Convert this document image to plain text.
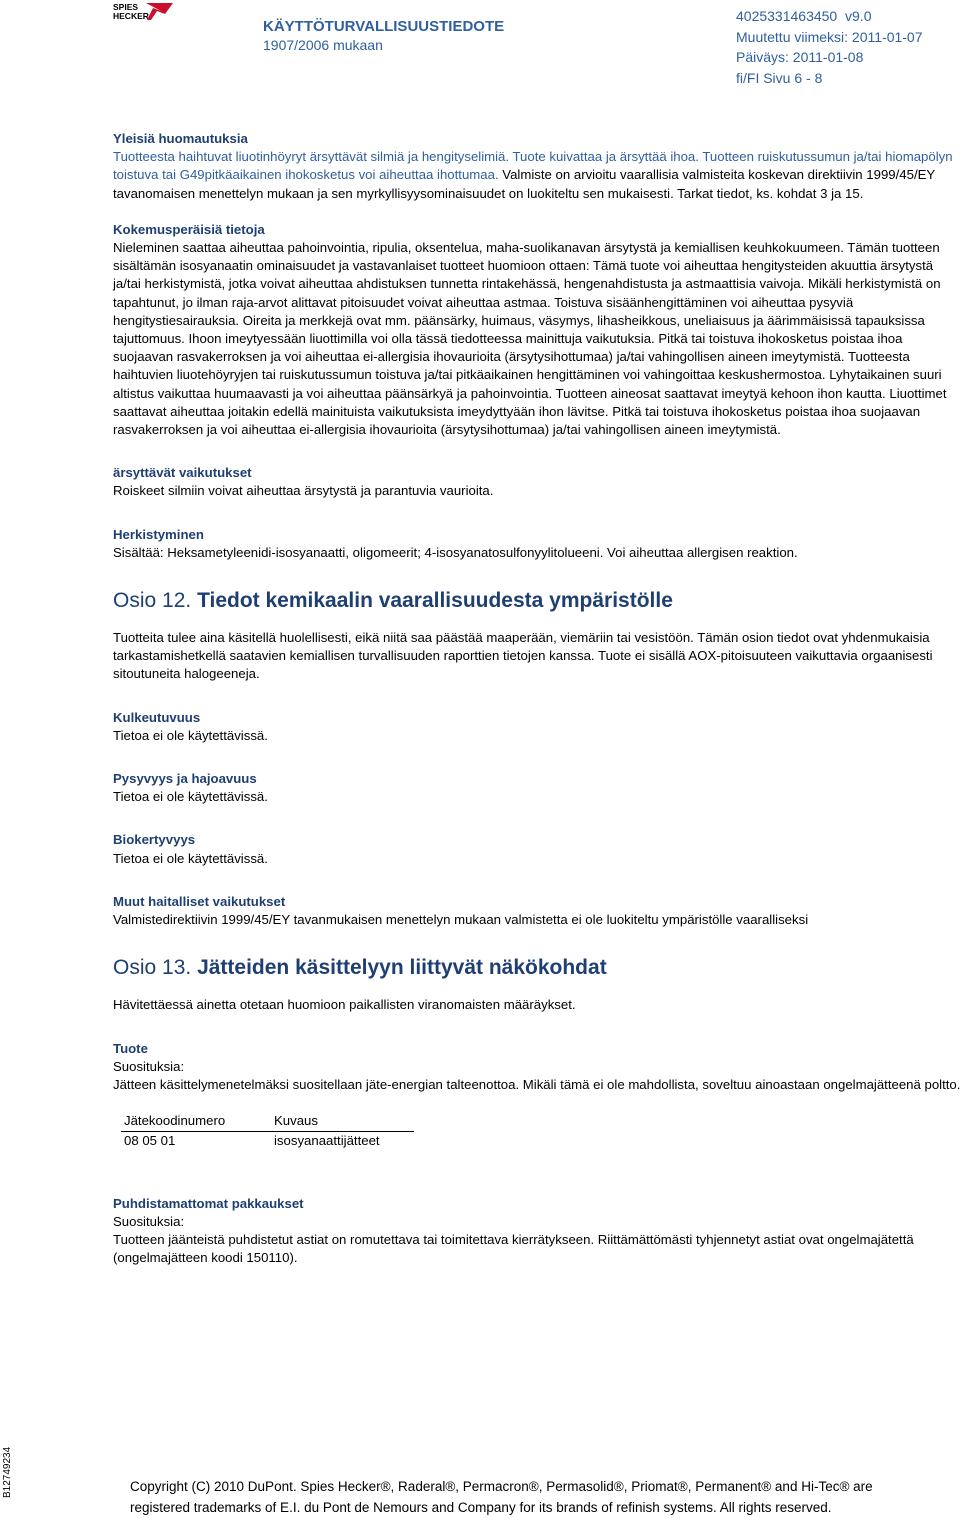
SPIES
HECKER
KÄYTTÖTURVALLISUUSTIEDOTE
1907/2006 mukaan
4025331463450 v9.0
Muutettu viimeksi: 2011-01-07
Päiväys: 2011-01-08
fi/FI Sivu 6 - 8

Yleisiä huomautuksia

Tuotteesta haihtuvat liuotinhöyryt ärsyttävät silmiä ja hengityselimiä. Tuote kuivattaa ja ärsyttää ihoa. Tuotteen ruiskutussumun ja/tai hiomapölyn toistuva tai G49pitkäaikainen ihokosketus voi aiheuttaa ihottumaa. Valmiste on arvioitu vaarallisia valmisteita koskevan direktiivin 1999/45/EY tavanomaisen menettelyn mukaan ja sen myrkyllisyysominaisuudet on luokiteltu sen mukaisesti. Tarkat tiedot, ks. kohdat 3 ja 15.

Kokemusperäisiä tietoja

Nieleminen saattaa aiheuttaa pahoinvointia, ripulia, oksentelua, maha-suolikanavan ärsytystä ja kemiallisen keuhkokuumeen. Tämän tuotteen sisältämän isosyanaatin ominaisuudet ja vastavanlaiset tuotteet huomioon ottaen: Tämä tuote voi aiheuttaa hengitysteiden akuuttia ärsytystä ja/tai herkistymistä, jotka voivat aiheuttaa ahdistuksen tunnetta rintakehässä, hengenahdistusta ja astmaattisia vaivoja. Mikäli herkistymistä on tapahtunut, jo ilman raja-arvot alittavat pitoisuudet voivat aiheuttaa astmaa. Toistuva sisäänhengittäminen voi aiheuttaa pysyviä hengitystiesairauksia. Oireita ja merkkejä ovat mm. päänsärky, huimaus, väsymys, lihasheikkous, uneliaisuus ja äärimmäisissä tapauksissa tajuttomuus. Ihoon imeytyessään liuottimilla voi olla tässä tiedotteessa mainittuja vaikutuksia. Pitkä tai toistuva ihokosketus poistaa ihoa suojaavan rasvakerroksen ja voi aiheuttaa ei-allergisia ihovaurioita (ärsytysihottumaa) ja/tai vahingollisen aineen imeytymistä. Tuotteesta haihtuvien liuotehöyryjen tai ruiskutussumun toistuva ja/tai pitkäaikainen hengittäminen voi vahingoittaa keskushermostoa. Lyhytaikainen suuri altistus vaikuttaa huumaavasti ja voi aiheuttaa päänsärkyä ja pahoinvointia. Tuotteen aineosat saattavat imeytyä kehoon ihon kautta. Liuottimet saattavat aiheuttaa joitakin edellä mainituista vaikutuksista imeydyttyään ihon lävitse. Pitkä tai toistuva ihokosketus poistaa ihoa suojaavan rasvakerroksen ja voi aiheuttaa ei-allergisia ihovaurioita (ärsytysihottumaa) ja/tai vahingollisen aineen imeytymistä.

ärsyttävät vaikutukset

Roiskeet silmiin voivat aiheuttaa ärsytystä ja parantuvia vaurioita.

Herkistyminen

Sisältää: Heksametyleenidi-isosyanaatti, oligomeerit; 4-isosyanatosulfonyylitolueeni. Voi aiheuttaa allergisen reaktion.

Osio 12. Tiedot kemikaalin vaarallisuudesta ympäristölle

Tuotteita tulee aina käsitellä huolellisesti, eikä niitä saa päästää maaperään, viemäriin tai vesistöön. Tämän osion tiedot ovat yhdenmukaisia tarkastamishetkellä saatavien kemiallisen turvallisuuden raporttien tietojen kanssa. Tuote ei sisällä AOX-pitoisuuteen vaikuttavia orgaanisesti sitoutuneita halogeeneja.

Kulkeutuvuus

Tietoa ei ole käytettävissä.

Pysyvyys ja hajoavuus

Tietoa ei ole käytettävissä.

Biokertyvyys

Tietoa ei ole käytettävissä.

Muut haitalliset vaikutukset

Valmistedirektiivin 1999/45/EY tavanmukaisen menettelyn mukaan valmistetta ei ole luokiteltu ympäristölle vaaralliseksi

Osio 13. Jätteiden käsittelyyn liittyvät näkökohdat

Hävitettäessä ainetta otetaan huomioon paikallisten viranomaisten määräykset.

Tuote

Suosituksia:

Jätteen käsittelymenetelmäksi suositellaan jäte-energian talteenottoa. Mikäli tämä ei ole mahdollista, soveltuu ainoastaan ongelmajätteenä poltto.

Jätekoodinumero	Kuvaus
08 05 01	isosyanaattijätteet

Puhdistamattomat pakkaukset

Suosituksia:

Tuotteen jäänteistä puhdistetut astiat on romutettava tai toimitettava kierrätykseen. Riittämättömästi tyhjennetyt astiat ovat ongelmajätettä (ongelmajätteen koodi 150110).

B12749234	Copyright (C) 2010 DuPont. Spies Hecker®, Raderal®, Permacron®, Permasolid®, Priomat®, Permanent® and Hi-Tec® are
registered trademarks of E.I. du Pont de Nemours and Company for its brands of refinish systems. All rights reserved.
